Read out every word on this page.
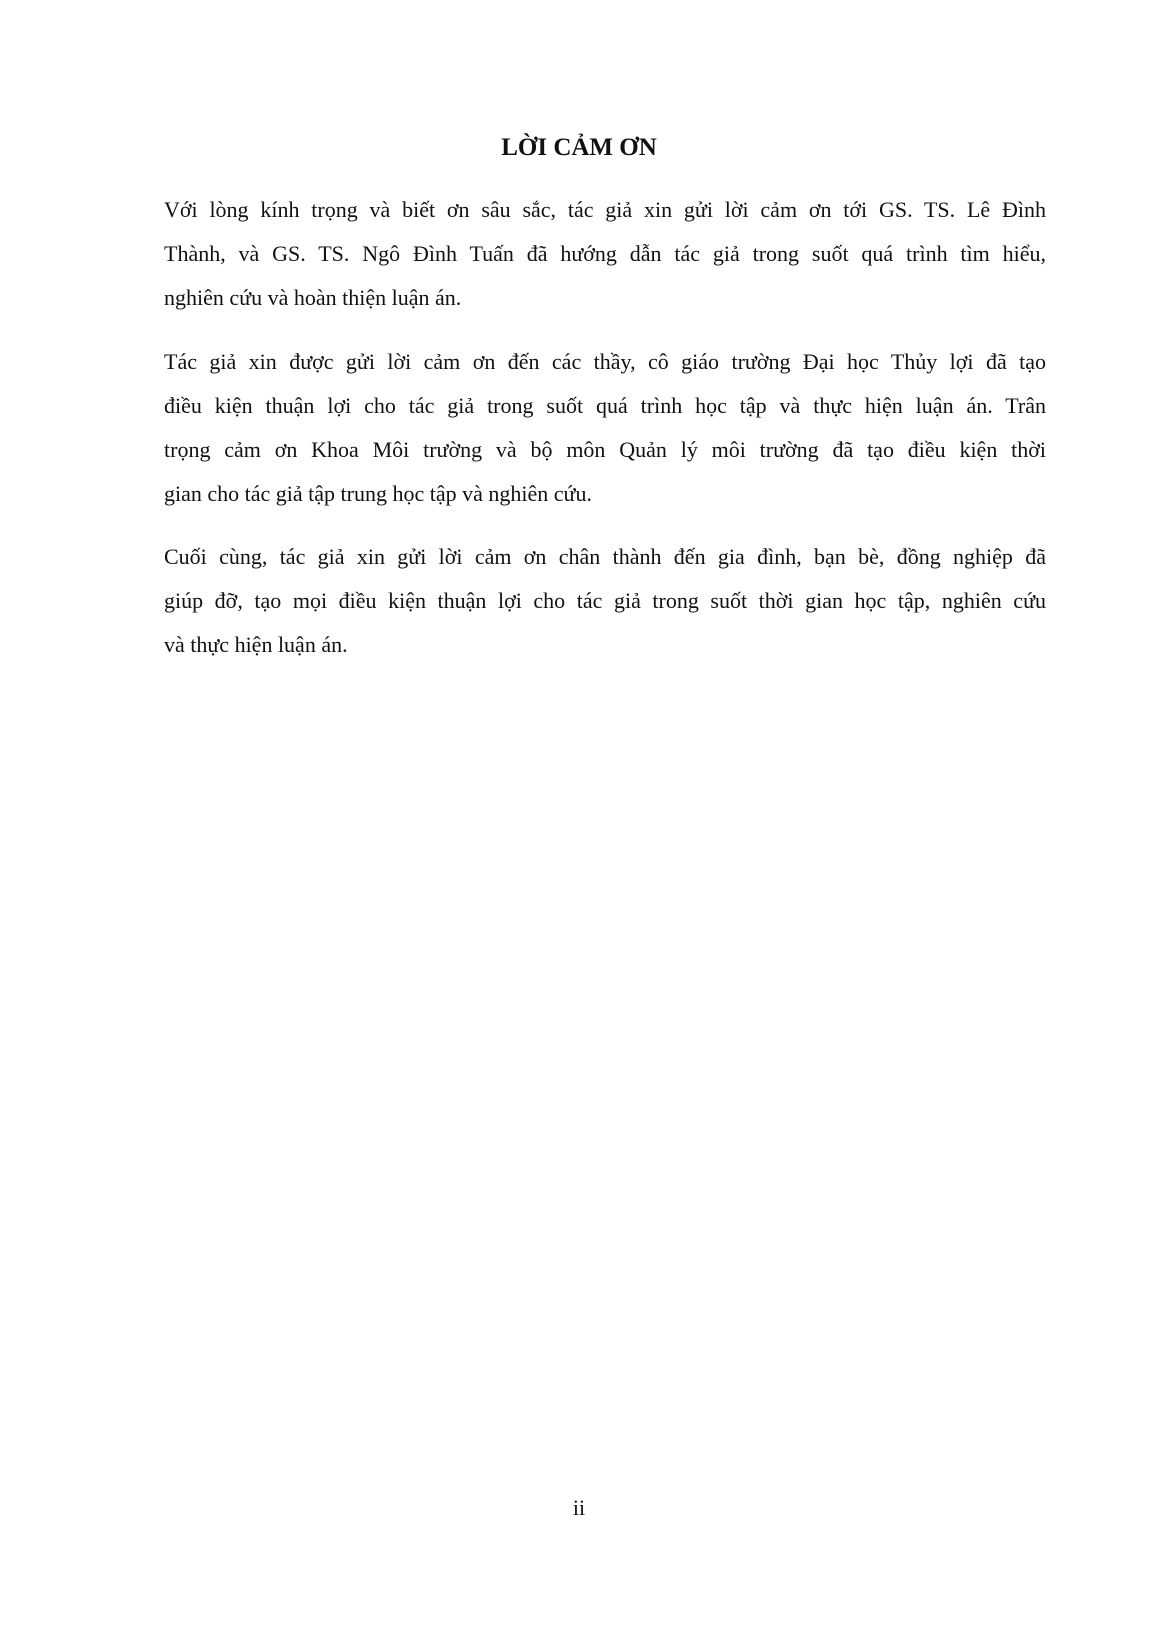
LỜI CẢM ƠN

Với lòng kính trọng và biết ơn sâu sắc, tác giả xin gửi lời cảm ơn tới GS. TS. Lê Đình
Thành, và GS. TS. Ngô Đình Tuấn đã hướng dẫn tác giả trong suốt quá trình tìm hiểu,
nghiên cứu và hoàn thiện luận án.

Tác giả xin được gửi lời cảm ơn đến các thầy, cô giáo trường Đại học Thủy lợi đã tạo
điều kiện thuận lợi cho tác giả trong suốt quá trình học tập và thực hiện luận án. Trân
trọng cảm ơn Khoa Môi trường và bộ môn Quản lý môi trường đã tạo điều kiện thời
gian cho tác giả tập trung học tập và nghiên cứu.

Cuối cùng, tác giả xin gửi lời cảm ơn chân thành đến gia đình, bạn bè, đồng nghiệp đã
giúp đỡ, tạo mọi điều kiện thuận lợi cho tác giả trong suốt thời gian học tập, nghiên cứu
và thực hiện luận án.

ii
